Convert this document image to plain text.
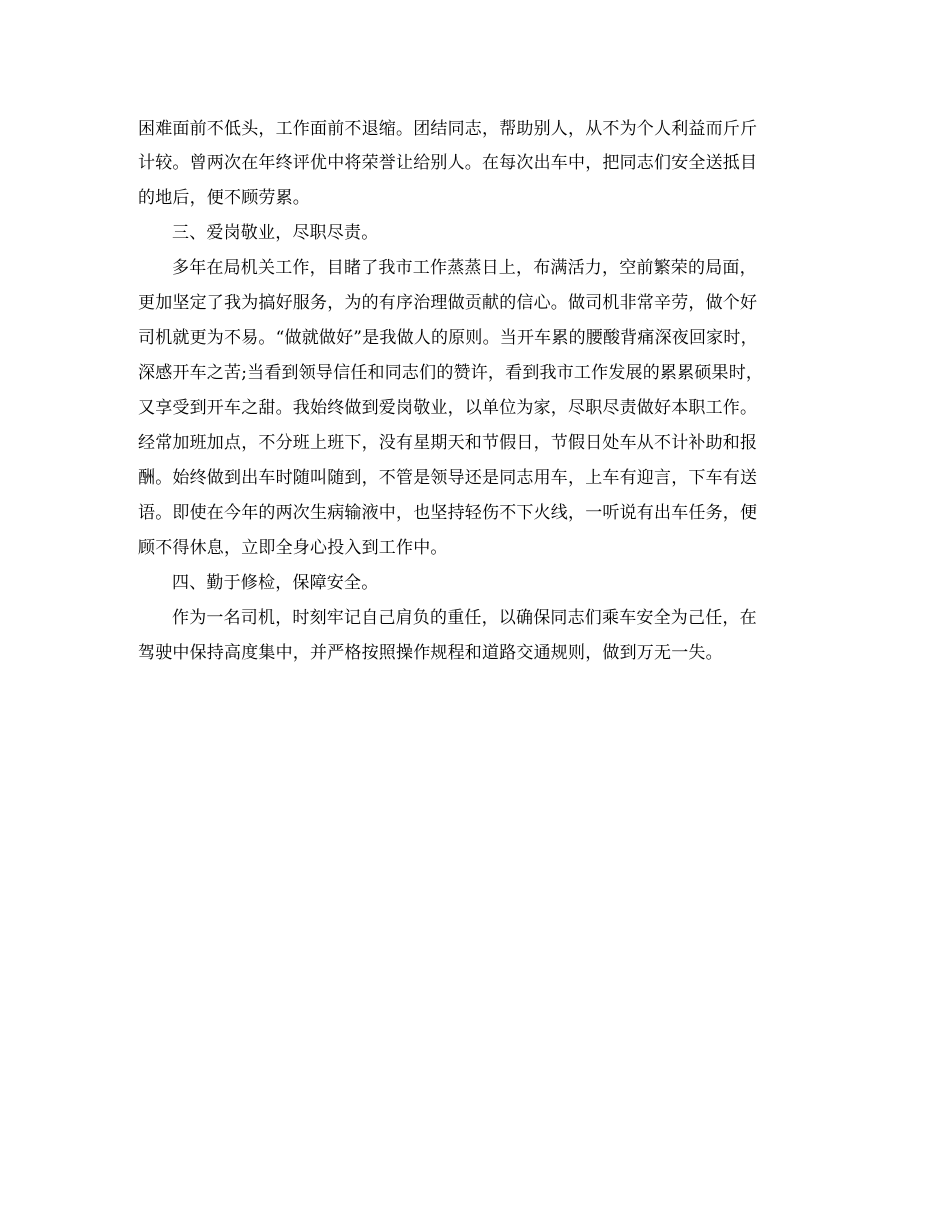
困难面前不低头，工作面前不退缩。团结同志，帮助别人，从不为个人利益而斤斤
计较。曾两次在年终评优中将荣誉让给别人。在每次出车中，把同志们安全送抵目
的地后，便不顾劳累。
三、爱岗敬业，尽职尽责。
多年在局机关工作，目睹了我市工作蒸蒸日上，布满活力，空前繁荣的局面，
更加坚定了我为搞好服务，为的有序治理做贡献的信心。做司机非常辛劳，做个好
司机就更为不易。“做就做好”是我做人的原则。当开车累的腰酸背痛深夜回家时，
深感开车之苦;当看到领导信任和同志们的赞许，看到我市工作发展的累累硕果时，
又享受到开车之甜。我始终做到爱岗敬业，以单位为家，尽职尽责做好本职工作。
经常加班加点，不分班上班下，没有星期天和节假日，节假日处车从不计补助和报
酬。始终做到出车时随叫随到，不管是领导还是同志用车，上车有迎言，下车有送
语。即使在今年的两次生病输液中，也坚持轻伤不下火线，一听说有出车任务，便
顾不得休息，立即全身心投入到工作中。
四、勤于修检，保障安全。
作为一名司机，时刻牢记自己肩负的重任，以确保同志们乘车安全为己任，在
驾驶中保持高度集中，并严格按照操作规程和道路交通规则，做到万无一失。
